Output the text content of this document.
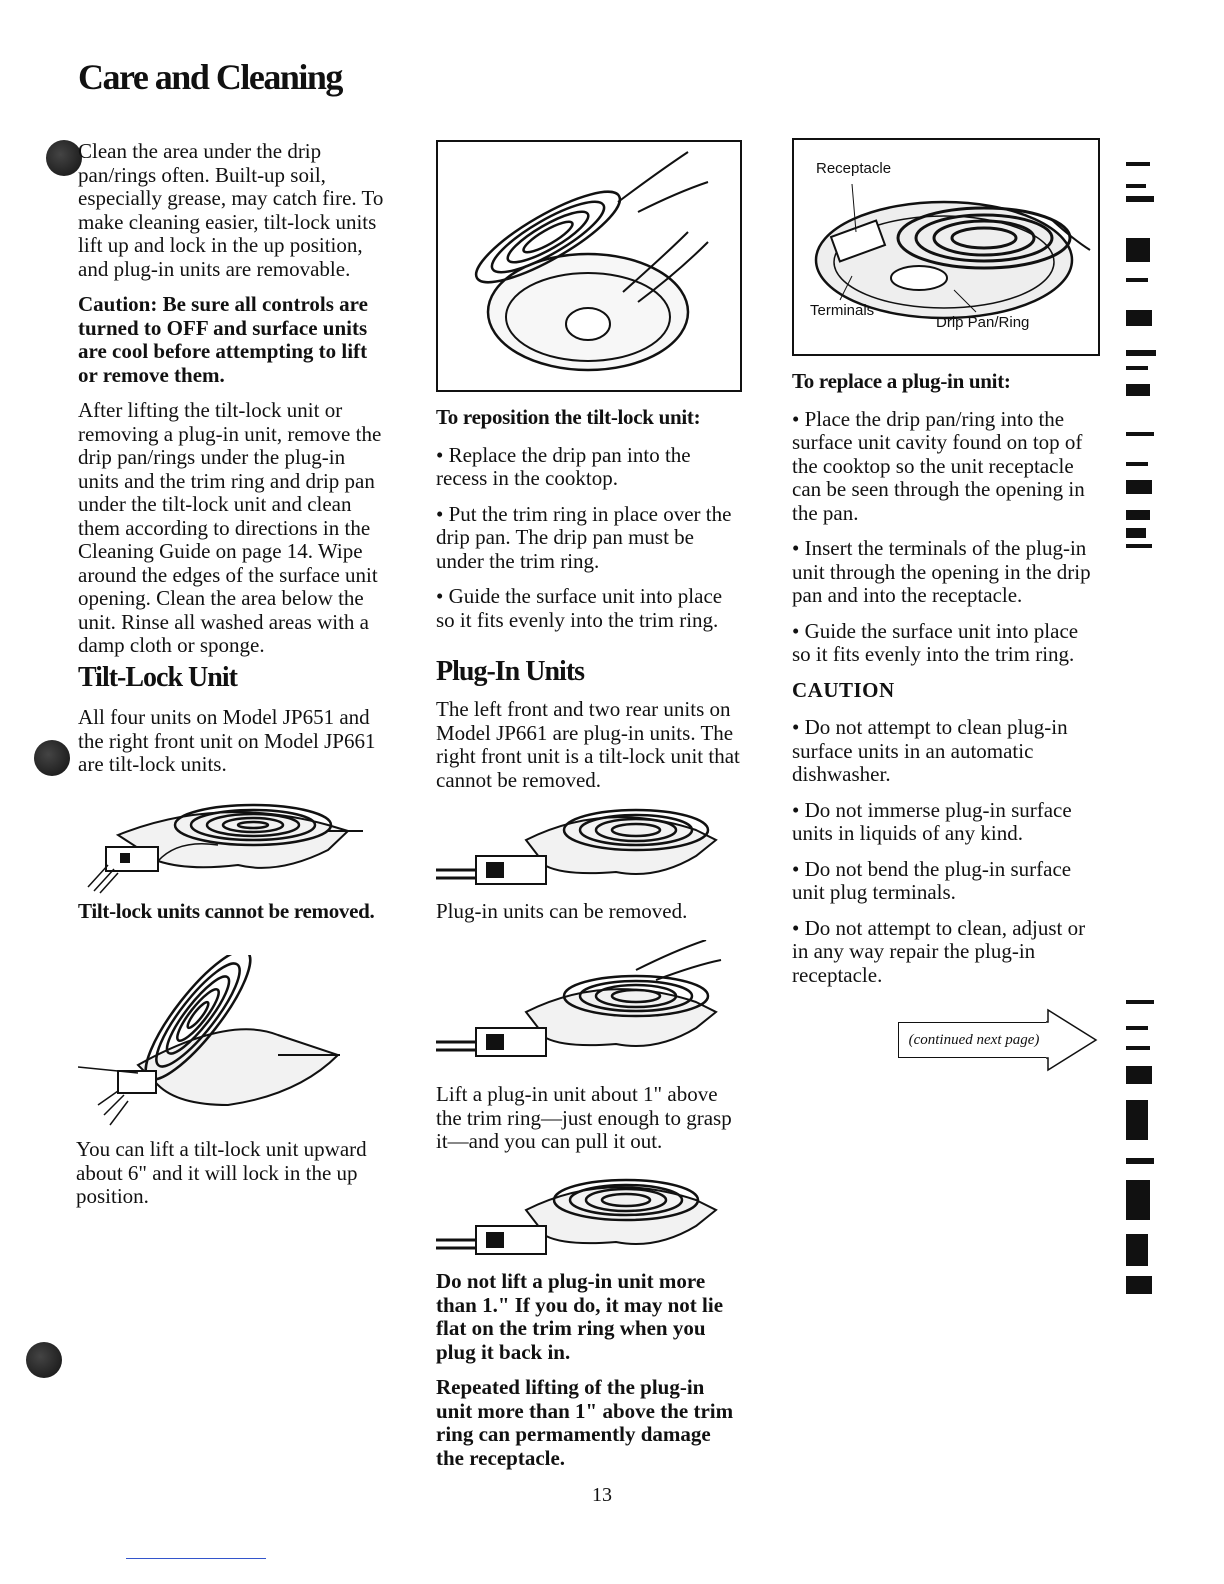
Care and Cleaning

Clean the area under the drip pan/rings often. Built-up soil, especially grease, may catch fire. To make cleaning easier, tilt-lock units lift up and lock in the up position, and plug-in units are removable.

Caution: Be sure all controls are turned to OFF and surface units are cool before attempting to lift or remove them.

After lifting the tilt-lock unit or removing a plug-in unit, remove the drip pan/rings under the plug-in units and the trim ring and drip pan under the tilt-lock unit and clean them according to directions in the Cleaning Guide on page 14. Wipe around the edges of the surface unit opening. Clean the area below the unit. Rinse all washed areas with a damp cloth or sponge.

Tilt-Lock Unit

All four units on Model JP651 and the right front unit on Model JP661 are tilt-lock units.

Tilt-lock units cannot be removed.

You can lift a tilt-lock unit upward about 6" and it will lock in the up position.

To reposition the tilt-lock unit:

• Replace the drip pan into the recess in the cooktop.

• Put the trim ring in place over the drip pan. The drip pan must be under the trim ring.

• Guide the surface unit into place so it fits evenly into the trim ring.

Plug-In Units

The left front and two rear units on Model JP661 are plug-in units. The right front unit is a tilt-lock unit that cannot be removed.

Plug-in units can be removed.

Lift a plug-in unit about 1" above the trim ring—just enough to grasp it—and you can pull it out.

Do not lift a plug-in unit more than 1." If you do, it may not lie flat on the trim ring when you plug it back in.

Repeated lifting of the plug-in unit more than 1" above the trim ring can permamently damage the receptacle.

13
Receptacle
Terminals
Drip Pan/Ring

To replace a plug-in unit:

• Place the drip pan/ring into the surface unit cavity found on top of the cooktop so the unit receptacle can be seen through the opening in the pan.

• Insert the terminals of the plug-in unit through the opening in the drip pan and into the receptacle.

• Guide the surface unit into place so it fits evenly into the trim ring.

CAUTION

• Do not attempt to clean plug-in surface units in an automatic dishwasher.

• Do not immerse plug-in surface units in liquids of any kind.

• Do not bend the plug-in surface unit plug terminals.

• Do not attempt to clean, adjust or in any way repair the plug-in receptacle.

(continued next page)
